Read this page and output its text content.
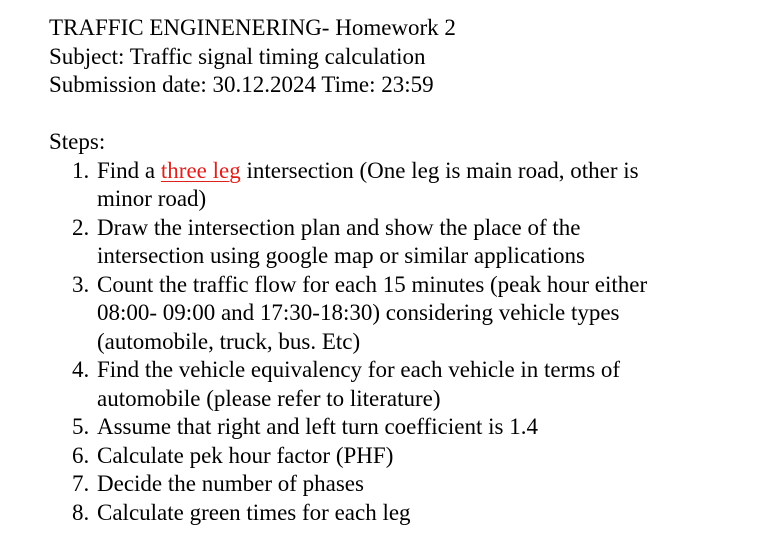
TRAFFIC ENGINENERING- Homework 2
Subject: Traffic signal timing calculation
Submission date: 30.12.2024 Time: 23:59
Steps:
1. Find a three leg intersection (One leg is main road, other is minor road)
2. Draw the intersection plan and show the place of the intersection using google map or similar applications
3. Count the traffic flow for each 15 minutes (peak hour either 08:00- 09:00 and 17:30-18:30) considering vehicle types (automobile, truck, bus. Etc)
4. Find the vehicle equivalency for each vehicle in terms of automobile (please refer to literature)
5. Assume that right and left turn coefficient is 1.4
6. Calculate pek hour factor (PHF)
7. Decide the number of phases
8. Calculate green times for each leg
